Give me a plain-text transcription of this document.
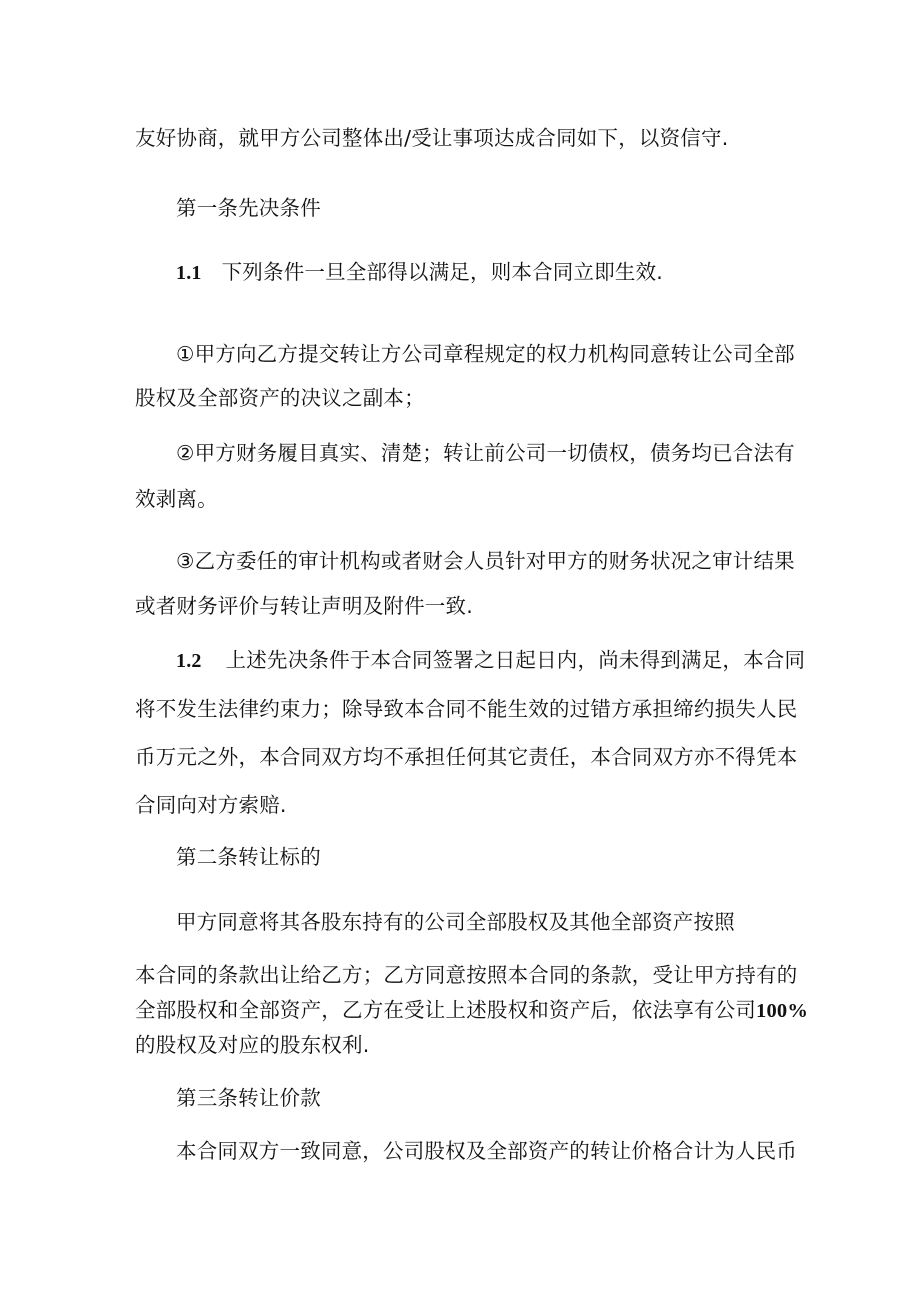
友好协商，就甲方公司整体出/受让事项达成合同如下，以资信守.
第一条先决条件
1.1 下列条件一旦全部得以满足，则本合同立即生效.
①甲方向乙方提交转让方公司章程规定的权力机构同意转让公司全部
股权及全部资产的决议之副本；
②甲方财务履目真实、清楚；转让前公司一切债权，债务均已合法有
效剥离。
③乙方委任的审计机构或者财会人员针对甲方的财务状况之审计结果
或者财务评价与转让声明及附件一致.
1.2 上述先决条件于本合同签署之日起日内，尚未得到满足，本合同
将不发生法律约束力；除导致本合同不能生效的过错方承担缔约损失人民
币万元之外，本合同双方均不承担任何其它责任，本合同双方亦不得凭本
合同向对方索赔.
第二条转让标的
甲方同意将其各股东持有的公司全部股权及其他全部资产按照
本合同的条款出让给乙方；乙方同意按照本合同的条款，受让甲方持有的
全部股权和全部资产，乙方在受让上述股权和资产后，依法享有公司100%
的股权及对应的股东权利.
第三条转让价款
本合同双方一致同意，公司股权及全部资产的转让价格合计为人民币
